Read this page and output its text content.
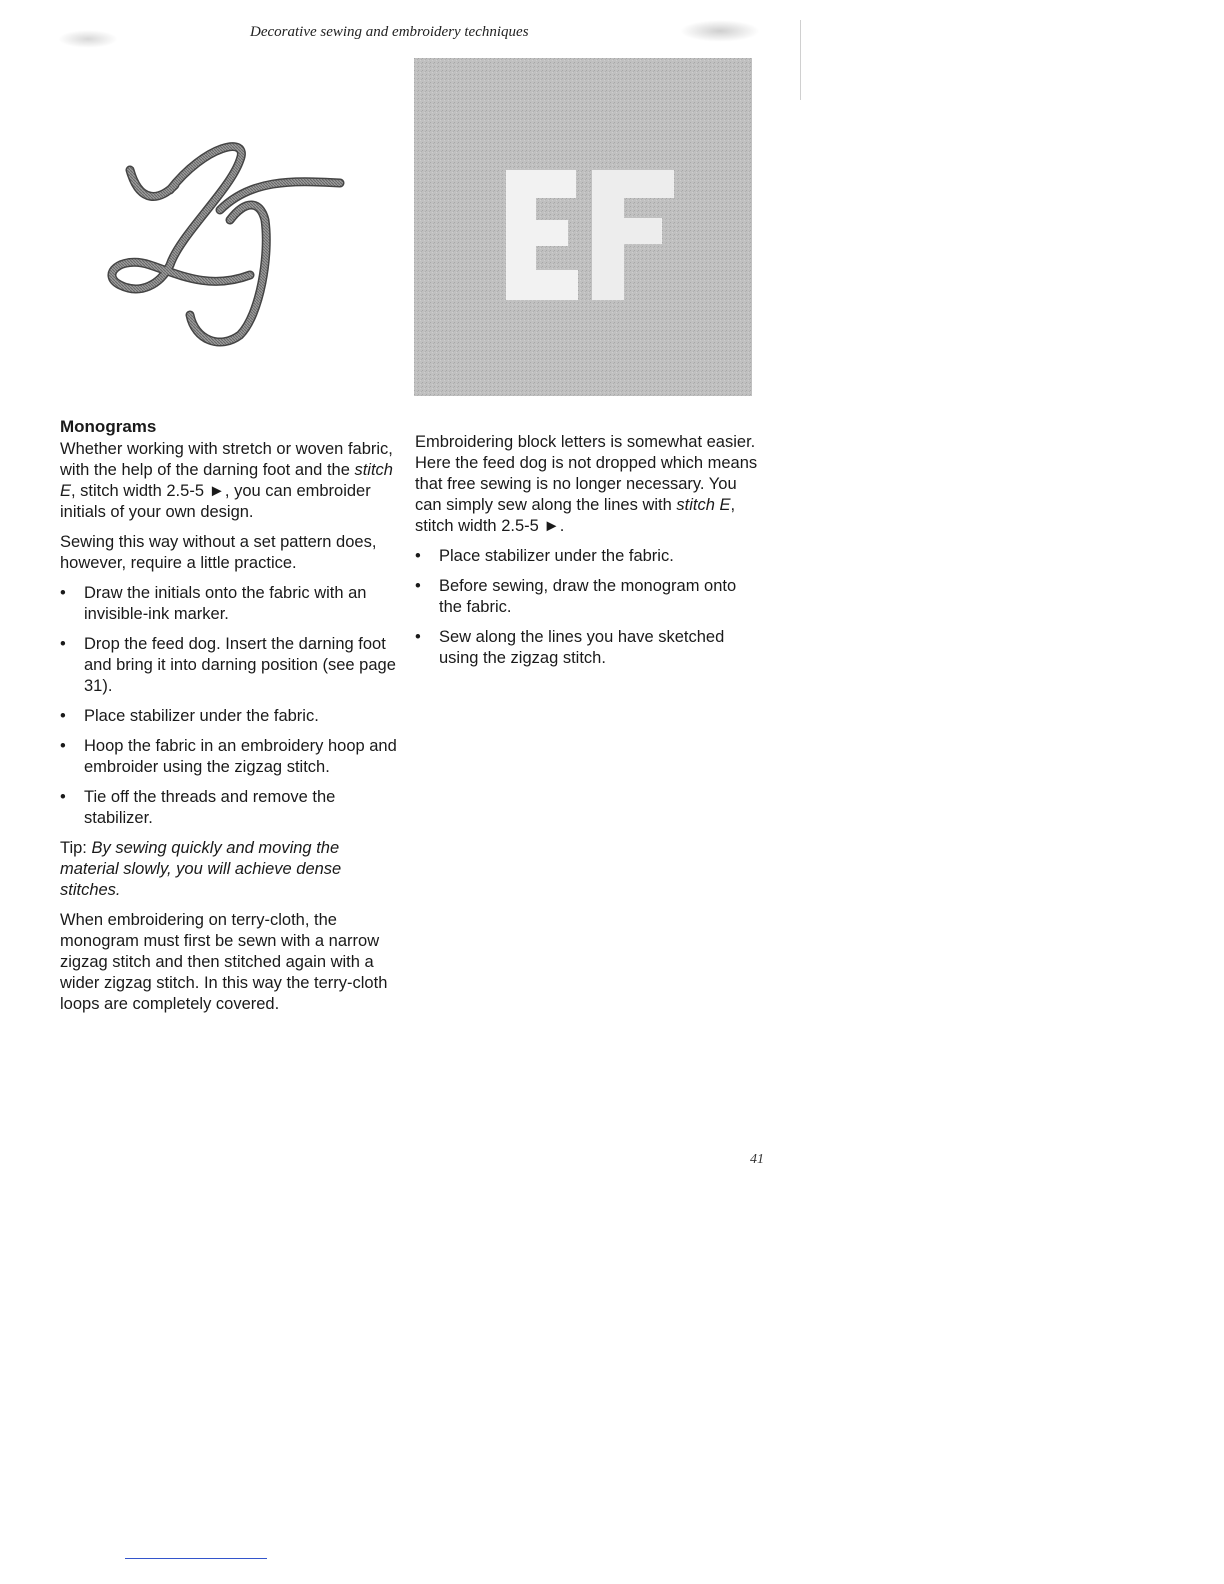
Decorative sewing and embroidery techniques
Monograms

Whether working with stretch or woven fabric, with the help of the darning foot and the stitch E, stitch width 2.5-5 ►, you can embroider initials of your own design.

Sewing this way without a set pattern does, however, require a little practice.

• Draw the initials onto the fabric with an invisible-ink marker.
• Drop the feed dog. Insert the darning foot and bring it into darning position (see page 31).
• Place stabilizer under the fabric.
• Hoop the fabric in an embroidery hoop and embroider using the zigzag stitch.
• Tie off the threads and remove the stabilizer.

Tip: By sewing quickly and moving the material slowly, you will achieve dense stitches.

When embroidering on terry-cloth, the monogram must first be sewn with a narrow zigzag stitch and then stitched again with a wider zigzag stitch. In this way the terry-cloth loops are completely covered.

Embroidering block letters is somewhat easier. Here the feed dog is not dropped which means that free sewing is no longer necessary. You can simply sew along the lines with stitch E, stitch width 2.5-5 ►.

• Place stabilizer under the fabric.
• Before sewing, draw the monogram onto the fabric.
• Sew along the lines you have sketched using the zigzag stitch.
41
